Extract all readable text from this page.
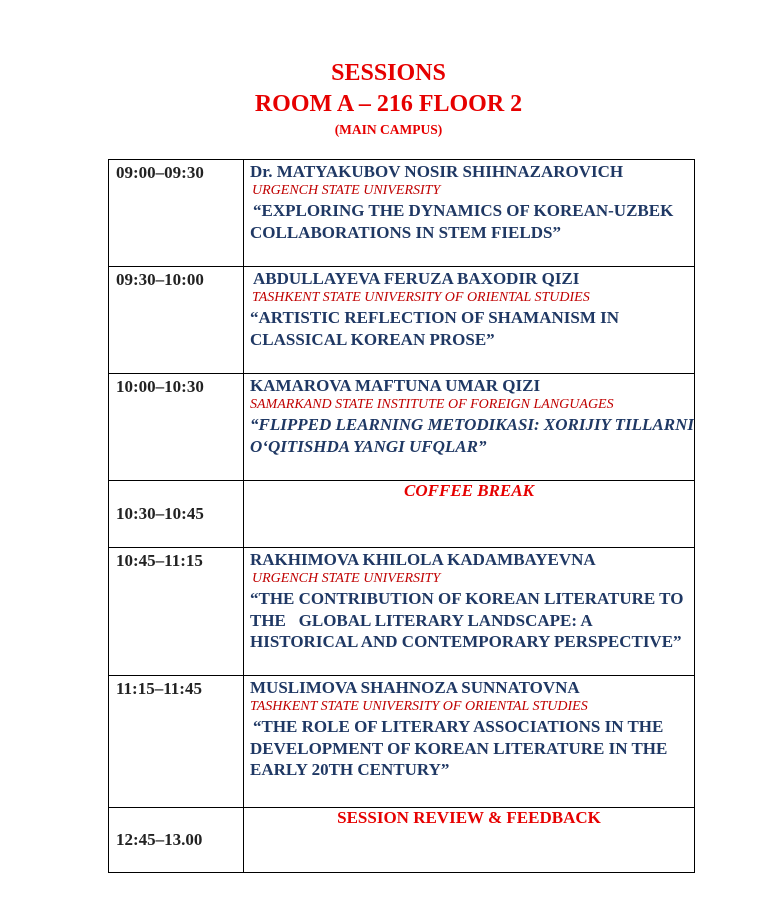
SESSIONS
ROOM A – 216 FLOOR 2
(MAIN CAMPUS)
09:00–09:30	Dr. MATYAKUBOV NOSIR SHIHNAZAROVICH
URGENCH STATE UNIVERSITY
“EXPLORING THE DYNAMICS OF KOREAN-UZBEK
COLLABORATIONS IN STEM FIELDS”

09:30–10:00	ABDULLAYEVA FERUZA BAXODIR QIZI
TASHKENT STATE UNIVERSITY OF ORIENTAL STUDIES
“ARTISTIC REFLECTION OF SHAMANISM IN
CLASSICAL KOREAN PROSE”

10:00–10:30	KAMAROVA MAFTUNA UMAR QIZI
SAMARKAND STATE INSTITUTE OF FOREIGN LANGUAGES
“FLIPPED LEARNING METODIKASI: XORIJIY TILLARNI
O‘QITISHDA YANGI UFQLAR”

10:30–10:45	COFFEE BREAK
10:45–11:15	RAKHIMOVA KHILOLA KADAMBAYEVNA
URGENCH STATE UNIVERSITY
“THE CONTRIBUTION OF KOREAN LITERATURE TO
THE   GLOBAL LITERARY LANDSCAPE: A
HISTORICAL AND CONTEMPORARY PERSPECTIVE”

11:15–11:45	MUSLIMOVA SHAHNOZA SUNNATOVNA
TASHKENT STATE UNIVERSITY OF ORIENTAL STUDIES
“THE ROLE OF LITERARY ASSOCIATIONS IN THE
DEVELOPMENT OF KOREAN LITERATURE IN THE
EARLY 20TH CENTURY”

12:45–13.00	SESSION REVIEW & FEEDBACK
